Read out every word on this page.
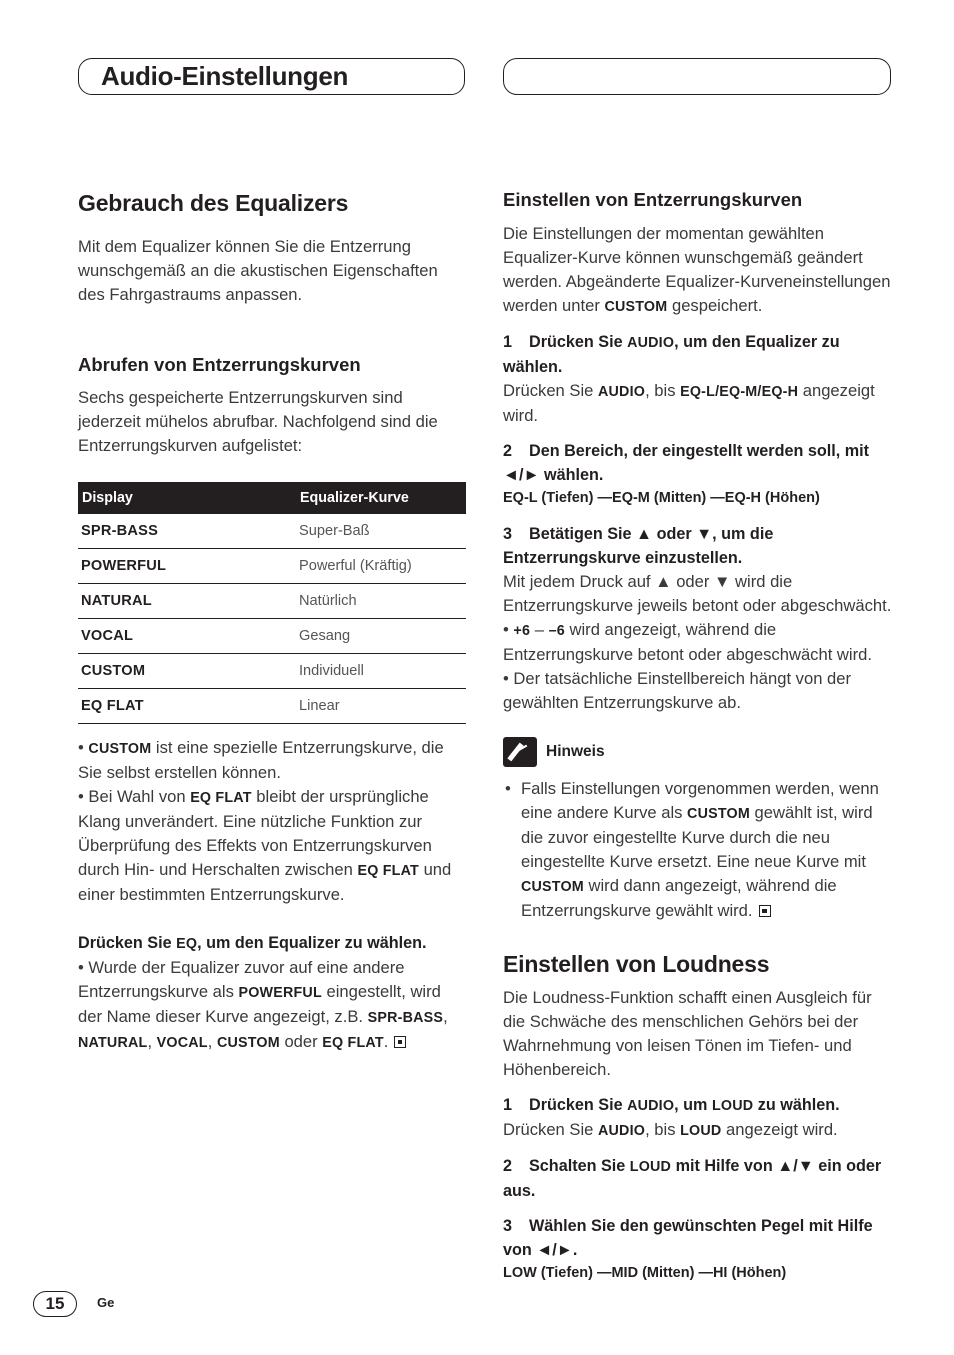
Audio-Einstellungen
Gebrauch des Equalizers

Mit dem Equalizer können Sie die Entzerrung wunschgemäß an die akustischen Eigenschaften des Fahrgastraums anpassen.

Abrufen von Entzerrungskurven

Sechs gespeicherte Entzerrungskurven sind jederzeit mühelos abrufbar. Nachfolgend sind die Entzerrungskurven aufgelistet:

Display	Equalizer-Kurve
SPR-BASS	Super-Baß
POWERFUL	Powerful (Kräftig)
NATURAL	Natürlich
VOCAL	Gesang
CUSTOM	Individuell
EQ FLAT	Linear

• CUSTOM ist eine spezielle Entzerrungskurve, die Sie selbst erstellen können.

• Bei Wahl von EQ FLAT bleibt der ursprüngliche Klang unverändert. Eine nützliche Funktion zur Überprüfung des Effekts von Entzerrungskurven durch Hin- und Herschalten zwischen EQ FLAT und einer bestimmten Entzerrungskurve.

Drücken Sie EQ, um den Equalizer zu wählen.

• Wurde der Equalizer zuvor auf eine andere Entzerrungskurve als POWERFUL eingestellt, wird der Name dieser Kurve angezeigt, z.B. SPR-BASS, NATURAL, VOCAL, CUSTOM oder EQ FLAT.

Einstellen von Entzerrungskurven

Die Einstellungen der momentan gewählten Equalizer-Kurve können wunschgemäß geändert werden. Abgeänderte Equalizer-Kurveneinstellungen werden unter CUSTOM gespeichert.

1 Drücken Sie AUDIO, um den Equalizer zu wählen.

Drücken Sie AUDIO, bis EQ-L/EQ-M/EQ-H angezeigt wird.

2 Den Bereich, der eingestellt werden soll, mit ◄/► wählen.

EQ-L (Tiefen) —EQ-M (Mitten) —EQ-H (Höhen)

3 Betätigen Sie ▲ oder ▼, um die Entzerrungskurve einzustellen.

Mit jedem Druck auf ▲ oder ▼ wird die Entzerrungskurve jeweils betont oder abgeschwächt.

• +6 – –6 wird angezeigt, während die Entzerrungskurve betont oder abgeschwächt wird.

• Der tatsächliche Einstellbereich hängt von der gewählten Entzerrungskurve ab.

Hinweis
• Falls Einstellungen vorgenommen werden, wenn eine andere Kurve als CUSTOM gewählt ist, wird die zuvor eingestellte Kurve durch die neu eingestellte Kurve ersetzt. Eine neue Kurve mit CUSTOM wird dann angezeigt, während die Entzerrungskurve gewählt wird.

Einstellen von Loudness

Die Loudness-Funktion schafft einen Ausgleich für die Schwäche des menschlichen Gehörs bei der Wahrnehmung von leisen Tönen im Tiefen- und Höhenbereich.

1 Drücken Sie AUDIO, um LOUD zu wählen.

Drücken Sie AUDIO, bis LOUD angezeigt wird.

2 Schalten Sie LOUD mit Hilfe von ▲/▼ ein oder aus.

3 Wählen Sie den gewünschten Pegel mit Hilfe von ◄/►.

LOW (Tiefen) —MID (Mitten) —HI (Höhen)

15	Ge
